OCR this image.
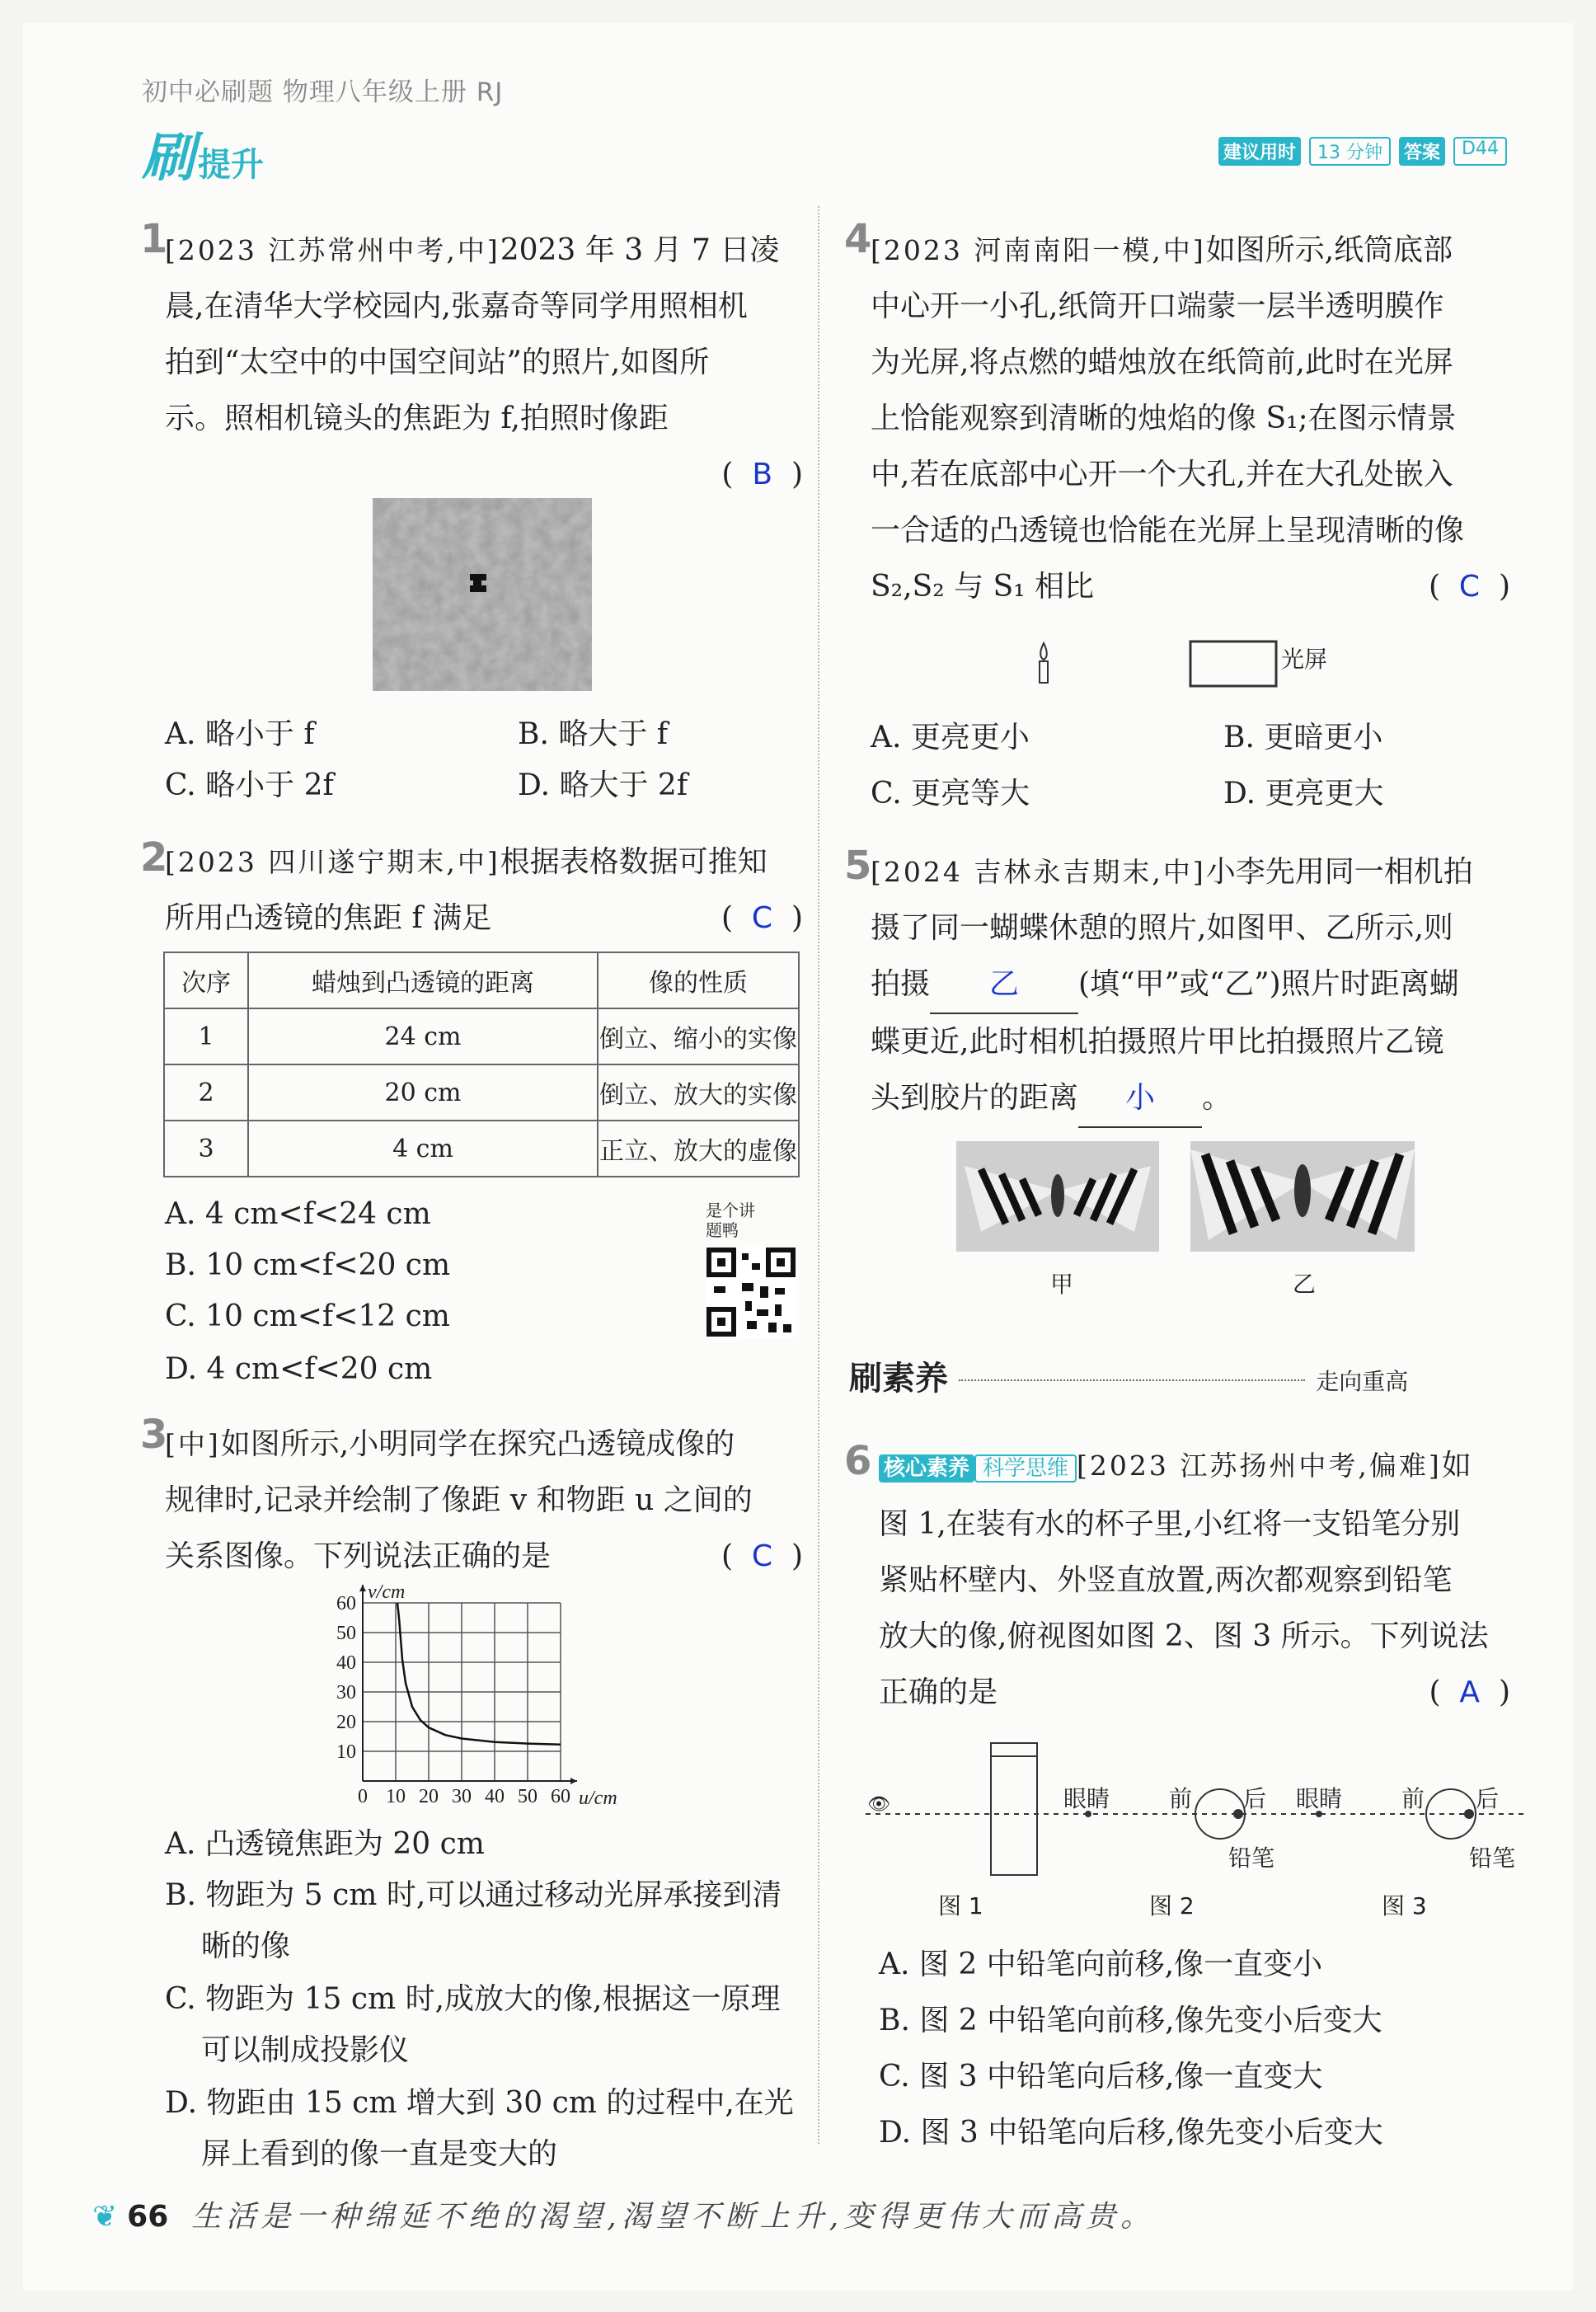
初中必刷题 物理八年级上册 RJ
刷提升	建议用时	13 分钟	答案	D44
1
[2023 江苏常州中考,中]2023 年 3 月 7 日凌
晨,在清华大学校园内,张嘉奇等同学用照相机
拍到“太空中的中国空间站”的照片,如图所
示。照相机镜头的焦距为 f,拍照时像距
(  B  )
A. 略小于 f	B. 略大于 f
C. 略小于 2f	D. 略大于 2f
2
[2023 四川遂宁期末,中]根据表格数据可推知
所用凸透镜的焦距 f 满足	(  C  )
次序	蜡烛到凸透镜的距离	像的性质
1	24 cm	倒立、缩小的实像
2	20 cm	倒立、放大的实像
3	4 cm	正立、放大的虚像
A. 4 cm<f<24 cm
B. 10 cm<f<20 cm
C. 10 cm<f<12 cm
D. 4 cm<f<20 cm
是个讲题鸭
3
[中]如图所示,小明同学在探究凸透镜成像的
规律时,记录并绘制了像距 v 和物距 u 之间的
关系图像。下列说法正确的是	(  C  )
0 10 20 30 40 50 60
10
20
30
40
50
60
u/cm
v/cm
A. 凸透镜焦距为 20 cm
B. 物距为 5 cm 时,可以通过移动光屏承接到清
晰的像
C. 物距为 15 cm 时,成放大的像,根据这一原理
可以制成投影仪
D. 物距由 15 cm 增大到 30 cm 的过程中,在光
屏上看到的像一直是变大的
4
[2023 河南南阳一模,中]如图所示,纸筒底部
中心开一小孔,纸筒开口端蒙一层半透明膜作
为光屏,将点燃的蜡烛放在纸筒前,此时在光屏
上恰能观察到清晰的烛焰的像 S₁;在图示情景
中,若在底部中心开一个大孔,并在大孔处嵌入
一合适的凸透镜也恰能在光屏上呈现清晰的像
S₂,S₂ 与 S₁ 相比	(  C  )
光屏
A. 更亮更小	B. 更暗更小
C. 更亮等大	D. 更亮更大
5
[2024 吉林永吉期末,中]小李先用同一相机拍
摄了同一蝴蝶休憩的照片,如图甲、乙所示,则
拍摄 乙 (填“甲”或“乙”)照片时距离蝴
蝶更近,此时相机拍摄照片甲比拍摄照片乙镜
头到胶片的距离 小 。
甲	乙
刷素养	走向重高
6 核心素养 科学思维 [2023 江苏扬州中考,偏难]如
图 1,在装有水的杯子里,小红将一支铅笔分别
紧贴杯壁内、外竖直放置,两次都观察到铅笔
放大的像,俯视图如图 2、图 3 所示。下列说法
正确的是	(  A  )
👁	眼睛	前 后
铅笔
眼睛	前 后
铅笔
图 1	图 2	图 3
A. 图 2 中铅笔向前移,像一直变小
B. 图 2 中铅笔向前移,像先变小后变大
C. 图 3 中铅笔向后移,像一直变大
D. 图 3 中铅笔向后移,像先变小后变大
❦ 66 生活是一种绵延不绝的渴望,渴望不断上升,变得更伟大而高贵。
